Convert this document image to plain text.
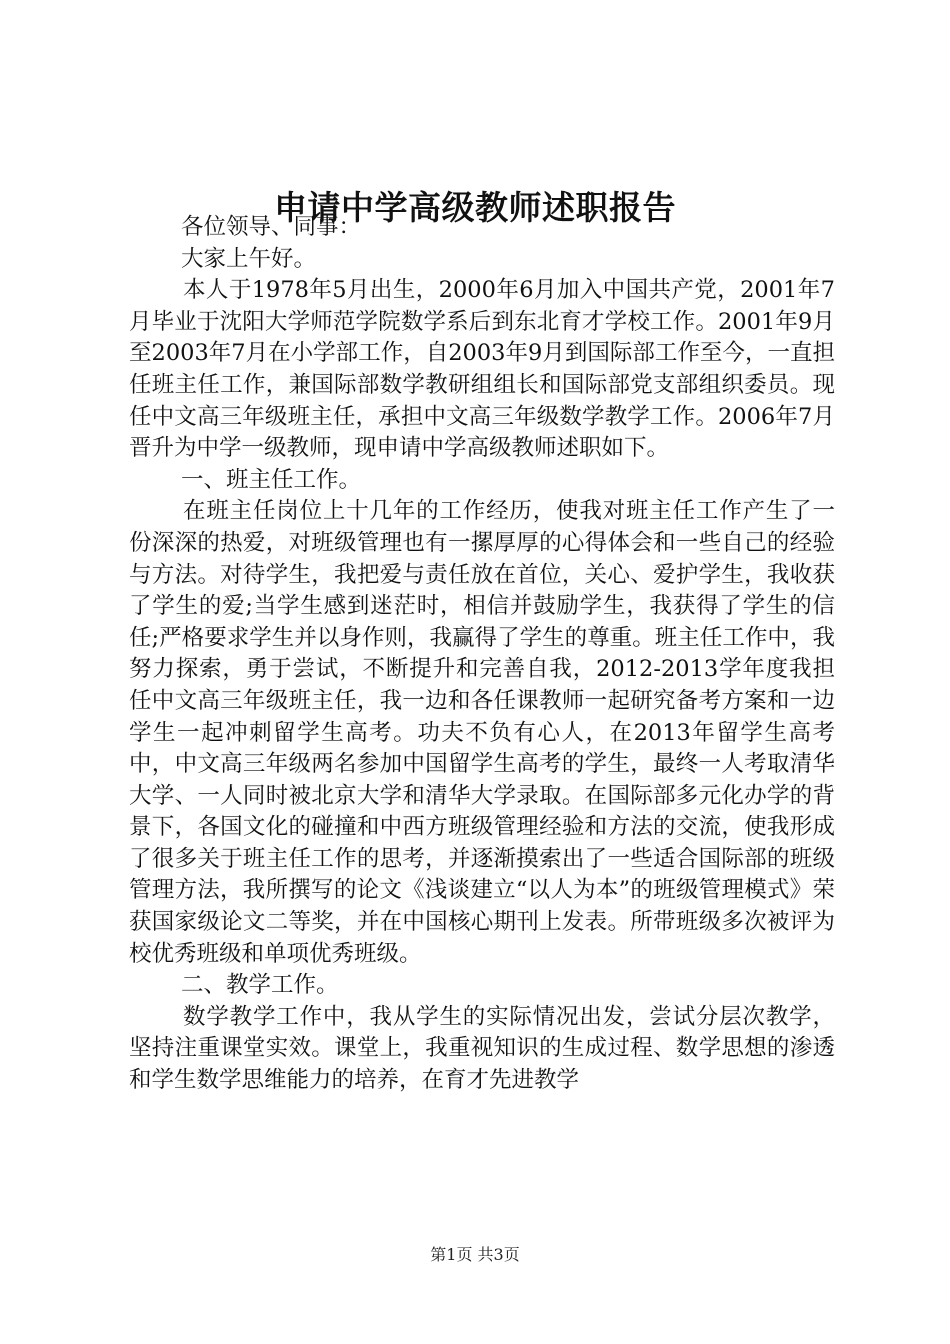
申请中学高级教师述职报告

各位领导、同事：

大家上午好。

本人于1978年5月出生，2000年6月加入中国共产党，2001年7月毕业于沈阳大学师范学院数学系后到东北育才学校工作。2001年9月至2003年7月在小学部工作，自2003年9月到国际部工作至今，一直担任班主任工作，兼国际部数学教研组组长和国际部党支部组织委员。现任中文高三年级班主任，承担中文高三年级数学教学工作。2006年7月晋升为中学一级教师，现申请中学高级教师述职如下。

一、班主任工作。

在班主任岗位上十几年的工作经历，使我对班主任工作产生了一份深深的热爱，对班级管理也有一摞厚厚的心得体会和一些自己的经验与方法。对待学生，我把爱与责任放在首位，关心、爱护学生，我收获了学生的爱;当学生感到迷茫时，相信并鼓励学生，我获得了学生的信任;严格要求学生并以身作则，我赢得了学生的尊重。班主任工作中，我努力探索，勇于尝试，不断提升和完善自我，2012-2013学年度我担任中文高三年级班主任，我一边和各任课教师一起研究备考方案和一边学生一起冲刺留学生高考。功夫不负有心人，在2013年留学生高考中，中文高三年级两名参加中国留学生高考的学生，最终一人考取清华大学、一人同时被北京大学和清华大学录取。在国际部多元化办学的背景下，各国文化的碰撞和中西方班级管理经验和方法的交流，使我形成了很多关于班主任工作的思考，并逐渐摸索出了一些适合国际部的班级管理方法，我所撰写的论文《浅谈建立“以人为本”的班级管理模式》荣获国家级论文二等奖，并在中国核心期刊上发表。所带班级多次被评为校优秀班级和单项优秀班级。

二、教学工作。

数学教学工作中，我从学生的实际情况出发，尝试分层次教学，坚持注重课堂实效。课堂上，我重视知识的生成过程、数学思想的渗透和学生数学思维能力的培养，在育才先进教学

第1页 共3页
